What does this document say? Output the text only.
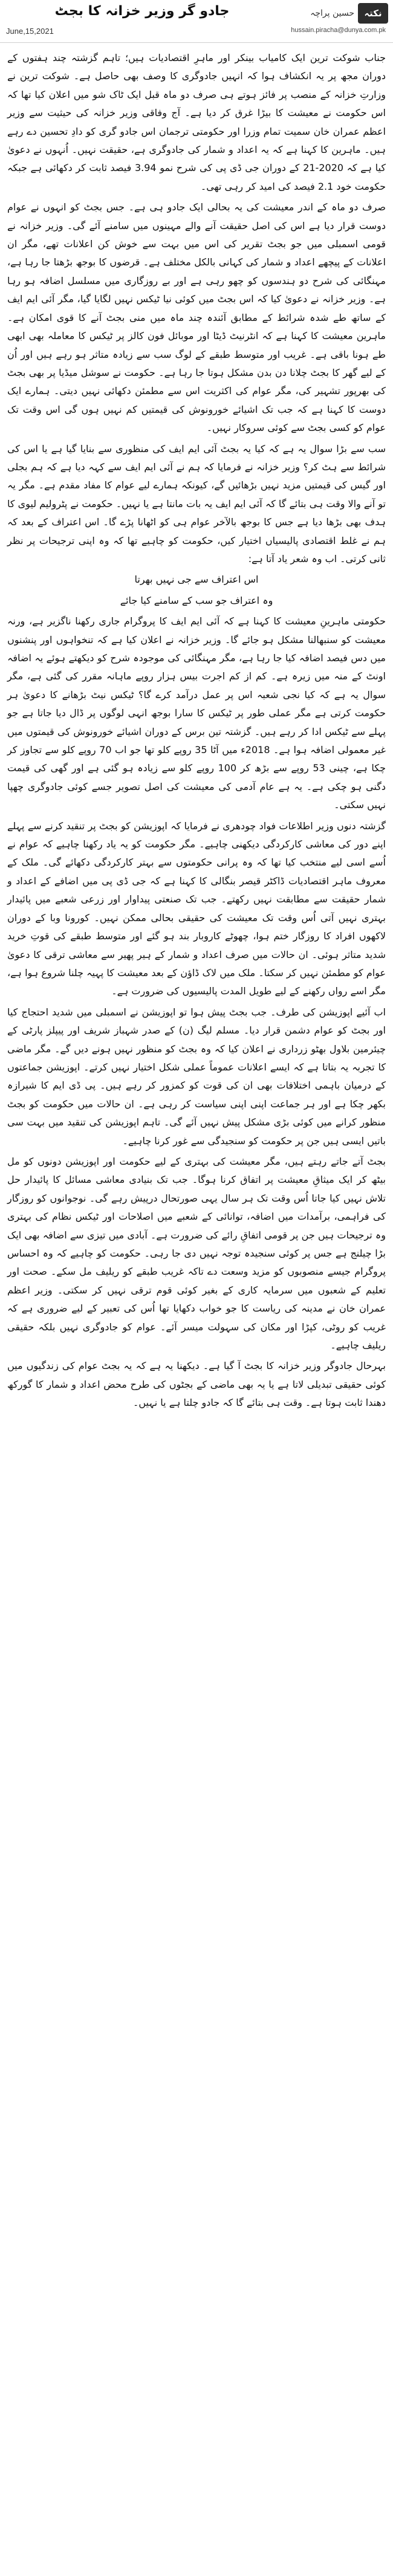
جادو گر وزیر خزانہ کا بجٹ	حسین پراچہ	نکتہ
June,15,2021	hussain.piracha@dunya.com.pk

جناب شوکت ترین ایک کامیاب بینکر اور ماہرِ اقتصادیات ہیں؛ تاہم گزشتہ چند ہفتوں کے دوران مجھ پر یہ انکشاف ہوا کہ انہیں جادوگری کا وصف بھی حاصل ہے۔ شوکت ترین نے وزارتِ خزانہ کے منصب پر فائز ہوتے ہی صرف دو ماہ قبل ایک ٹاک شو میں اعلان کیا تھا کہ اس حکومت نے معیشت کا بیڑا غرق کر دیا ہے۔ آج وفاقی وزیر خزانہ کی حیثیت سے وزیر اعظم عمران خان سمیت تمام وزرا اور حکومتی ترجمان اس جادو گری کو دادِ تحسین دے رہے ہیں۔ ماہرین کا کہنا ہے کہ یہ اعداد و شمار کی جادوگری ہے، حقیقت نہیں۔ اُنہوں نے دعویٰ کیا ہے کہ 2020-21 کے دوران جی ڈی پی کی شرح نمو 3.94 فیصد ثابت کر دکھائی ہے جبکہ حکومت خود 2.1 فیصد کی امید کر رہی تھی۔

صرف دو ماہ کے اندر معیشت کی یہ بحالی ایک جادو ہی ہے۔ جس بجٹ کو انہوں نے عوام دوست قرار دیا ہے اس کی اصل حقیقت آنے والے مہینوں میں سامنے آئے گی۔ وزیر خزانہ نے قومی اسمبلی میں جو بجٹ تقریر کی اس میں بہت سے خوش کن اعلانات تھے، مگر ان اعلانات کے پیچھے اعداد و شمار کی کہانی بالکل مختلف ہے۔ قرضوں کا بوجھ بڑھتا جا رہا ہے، مہنگائی کی شرح دو ہندسوں کو چھو رہی ہے اور بے روزگاری میں مسلسل اضافہ ہو رہا ہے۔ وزیر خزانہ نے دعویٰ کیا کہ اس بجٹ میں کوئی نیا ٹیکس نہیں لگایا گیا، مگر آئی ایم ایف کے ساتھ طے شدہ شرائط کے مطابق آئندہ چند ماہ میں منی بجٹ آنے کا قوی امکان ہے۔ ماہرین معیشت کا کہنا ہے کہ انٹرنیٹ ڈیٹا اور موبائل فون کالز پر ٹیکس کا معاملہ بھی ابھی طے ہونا باقی ہے۔ غریب اور متوسط طبقے کے لوگ سب سے زیادہ متاثر ہو رہے ہیں اور اُن کے لیے گھر کا بجٹ چلانا دن بدن مشکل ہوتا جا رہا ہے۔ حکومت نے سوشل میڈیا پر بھی بجٹ کی بھرپور تشہیر کی، مگر عوام کی اکثریت اس سے مطمئن دکھائی نہیں دیتی۔ ہمارے ایک دوست کا کہنا ہے کہ جب تک اشیائے خورونوش کی قیمتیں کم نہیں ہوں گی اس وقت تک عوام کو کسی بجٹ سے کوئی سروکار نہیں۔

سب سے بڑا سوال یہ ہے کہ کیا یہ بجٹ آئی ایم ایف کی منظوری سے بنایا گیا ہے یا اس کی شرائط سے ہٹ کر؟ وزیر خزانہ نے فرمایا کہ ہم نے آئی ایم ایف سے کہہ دیا ہے کہ ہم بجلی اور گیس کی قیمتیں مزید نہیں بڑھائیں گے، کیونکہ ہمارے لیے عوام کا مفاد مقدم ہے۔ مگر یہ تو آنے والا وقت ہی بتائے گا کہ آئی ایم ایف یہ بات مانتا ہے یا نہیں۔ حکومت نے پٹرولیم لیوی کا ہدف بھی بڑھا دیا ہے جس کا بوجھ بالآخر عوام ہی کو اٹھانا پڑے گا۔ اس اعتراف کے بعد کہ ہم نے غلط اقتصادی پالیسیاں اختیار کیں، حکومت کو چاہیے تھا کہ وہ اپنی ترجیحات پر نظر ثانی کرتی۔ اب وہ شعر یاد آتا ہے:

اس اعتراف سے جی نہیں بھرتا

وہ اعتراف جو سب کے سامنے کیا جائے

حکومتی ماہرینِ معیشت کا کہنا ہے کہ آئی ایم ایف کا پروگرام جاری رکھنا ناگزیر ہے، ورنہ معیشت کو سنبھالنا مشکل ہو جائے گا۔ وزیر خزانہ نے اعلان کیا ہے کہ تنخواہوں اور پنشنوں میں دس فیصد اضافہ کیا جا رہا ہے، مگر مہنگائی کی موجودہ شرح کو دیکھتے ہوئے یہ اضافہ اونٹ کے منہ میں زیرہ ہے۔ کم از کم اجرت بیس ہزار روپے ماہانہ مقرر کی گئی ہے، مگر سوال یہ ہے کہ کیا نجی شعبہ اس پر عمل درآمد کرے گا؟ ٹیکس نیٹ بڑھانے کا دعویٰ ہر حکومت کرتی ہے مگر عملی طور پر ٹیکس کا سارا بوجھ انہی لوگوں پر ڈال دیا جاتا ہے جو پہلے سے ٹیکس ادا کر رہے ہیں۔ گزشتہ تین برس کے دوران اشیائے خورونوش کی قیمتوں میں غیر معمولی اضافہ ہوا ہے۔ 2018ء میں آٹا 35 روپے کلو تھا جو اب 70 روپے کلو سے تجاوز کر چکا ہے، چینی 53 روپے سے بڑھ کر 100 روپے کلو سے زیادہ ہو گئی ہے اور گھی کی قیمت دگنی ہو چکی ہے۔ یہ ہے عام آدمی کی معیشت کی اصل تصویر جسے کوئی جادوگری چھپا نہیں سکتی۔

گزشتہ دنوں وزیر اطلاعات فواد چودھری نے فرمایا کہ اپوزیشن کو بجٹ پر تنقید کرنے سے پہلے اپنے دور کی معاشی کارکردگی دیکھنی چاہیے۔ مگر حکومت کو یہ یاد رکھنا چاہیے کہ عوام نے اُسے اسی لیے منتخب کیا تھا کہ وہ پرانی حکومتوں سے بہتر کارکردگی دکھائے گی۔ ملک کے معروف ماہر اقتصادیات ڈاکٹر قیصر بنگالی کا کہنا ہے کہ جی ڈی پی میں اضافے کے اعداد و شمار حقیقت سے مطابقت نہیں رکھتے۔ جب تک صنعتی پیداوار اور زرعی شعبے میں پائیدار بہتری نہیں آتی اُس وقت تک معیشت کی حقیقی بحالی ممکن نہیں۔ کورونا وبا کے دوران لاکھوں افراد کا روزگار ختم ہوا، چھوٹے کاروبار بند ہو گئے اور متوسط طبقے کی قوتِ خرید شدید متاثر ہوئی۔ ان حالات میں صرف اعداد و شمار کے ہیر پھیر سے معاشی ترقی کا دعویٰ عوام کو مطمئن نہیں کر سکتا۔ ملک میں لاک ڈاؤن کے بعد معیشت کا پہیہ چلنا شروع ہوا ہے، مگر اسے رواں رکھنے کے لیے طویل المدت پالیسیوں کی ضرورت ہے۔

اب آئیے اپوزیشن کی طرف۔ جب بجٹ پیش ہوا تو اپوزیشن نے اسمبلی میں شدید احتجاج کیا اور بجٹ کو عوام دشمن قرار دیا۔ مسلم لیگ (ن) کے صدر شہباز شریف اور پیپلز پارٹی کے چیئرمین بلاول بھٹو زرداری نے اعلان کیا کہ وہ بجٹ کو منظور نہیں ہونے دیں گے۔ مگر ماضی کا تجربہ یہ بتاتا ہے کہ ایسے اعلانات عموماً عملی شکل اختیار نہیں کرتے۔ اپوزیشن جماعتوں کے درمیان باہمی اختلافات بھی ان کی قوت کو کمزور کر رہے ہیں۔ پی ڈی ایم کا شیرازہ بکھر چکا ہے اور ہر جماعت اپنی اپنی سیاست کر رہی ہے۔ ان حالات میں حکومت کو بجٹ منظور کرانے میں کوئی بڑی مشکل پیش نہیں آئے گی۔ تاہم اپوزیشن کی تنقید میں بہت سی باتیں ایسی ہیں جن پر حکومت کو سنجیدگی سے غور کرنا چاہیے۔

بجٹ آتے جاتے رہتے ہیں، مگر معیشت کی بہتری کے لیے حکومت اور اپوزیشن دونوں کو مل بیٹھ کر ایک میثاقِ معیشت پر اتفاق کرنا ہوگا۔ جب تک بنیادی معاشی مسائل کا پائیدار حل تلاش نہیں کیا جاتا اُس وقت تک ہر سال یہی صورتحال درپیش رہے گی۔ نوجوانوں کو روزگار کی فراہمی، برآمدات میں اضافہ، توانائی کے شعبے میں اصلاحات اور ٹیکس نظام کی بہتری وہ ترجیحات ہیں جن پر قومی اتفاقِ رائے کی ضرورت ہے۔ آبادی میں تیزی سے اضافہ بھی ایک بڑا چیلنج ہے جس پر کوئی سنجیدہ توجہ نہیں دی جا رہی۔ حکومت کو چاہیے کہ وہ احساس پروگرام جیسے منصوبوں کو مزید وسعت دے تاکہ غریب طبقے کو ریلیف مل سکے۔ صحت اور تعلیم کے شعبوں میں سرمایہ کاری کے بغیر کوئی قوم ترقی نہیں کر سکتی۔ وزیر اعظم عمران خان نے مدینہ کی ریاست کا جو خواب دکھایا تھا اُس کی تعبیر کے لیے ضروری ہے کہ غریب کو روٹی، کپڑا اور مکان کی سہولت میسر آئے۔ عوام کو جادوگری نہیں بلکہ حقیقی ریلیف چاہیے۔

بہرحال جادوگر وزیر خزانہ کا بجٹ آ گیا ہے۔ دیکھنا یہ ہے کہ یہ بجٹ عوام کی زندگیوں میں کوئی حقیقی تبدیلی لاتا ہے یا یہ بھی ماضی کے بجٹوں کی طرح محض اعداد و شمار کا گورکھ دھندا ثابت ہوتا ہے۔ وقت ہی بتائے گا کہ جادو چلتا ہے یا نہیں۔
